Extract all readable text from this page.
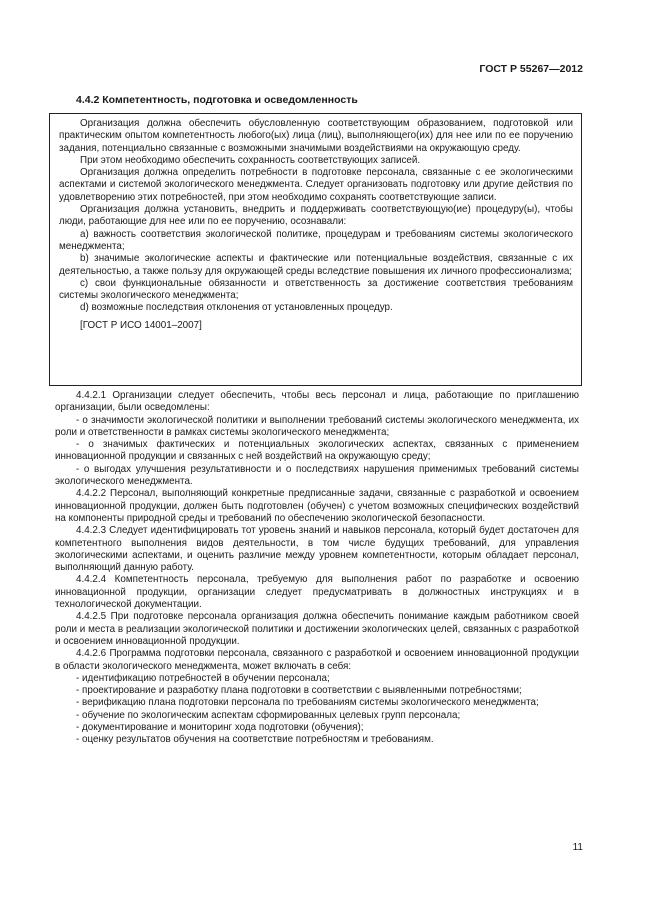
ГОСТ Р 55267—2012
4.4.2 Компетентность, подготовка и осведомленность

Организация должна обеспечить обусловленную соответствующим образованием, подготовкой или практическим опытом компетентность любого(ых) лица (лиц), выполняющего(их) для нее или по ее поручению задания, потенциально связанные с возможными значимыми воздействиями на окружающую среду.

При этом необходимо обеспечить сохранность соответствующих записей.

Организация должна определить потребности в подготовке персонала, связанные с ее экологическими аспектами и системой экологического менеджмента. Следует организовать подготовку или другие действия по удовлетворению этих потребностей, при этом необходимо сохранять соответствующие записи.

Организация должна установить, внедрить и поддерживать соответствующую(ие) процедуру(ы), чтобы люди, работающие для нее или по ее поручению, осознавали:

а) важность соответствия экологической политике, процедурам и требованиям системы экологического менеджмента;

b) значимые экологические аспекты и фактические или потенциальные воздействия, связанные с их деятельностью, а также пользу для окружающей среды вследствие повышения их личного профессионализма;

c) свои функциональные обязанности и ответственность за достижение соответствия требованиям системы экологического менеджмента;

d) возможные последствия отклонения от установленных процедур.

[ГОСТ Р ИСО 14001–2007]

4.4.2.1 Организации следует обеспечить, чтобы весь персонал и лица, работающие по приглашению организации, были осведомлены:

- о значимости экологической политики и выполнении требований системы экологического менеджмента, их роли и ответственности в рамках системы экологического менеджмента;

- о значимых фактических и потенциальных экологических аспектах, связанных с применением инновационной продукции и связанных с ней воздействий на окружающую среду;

- о выгодах улучшения результативности и о последствиях нарушения применимых требований системы экологического менеджмента.

4.4.2.2 Персонал, выполняющий конкретные предписанные задачи, связанные с разработкой и освоением инновационной продукции, должен быть подготовлен (обучен) с учетом возможных специфических воздействий на компоненты природной среды и требований по обеспечению экологической безопасности.

4.4.2.3 Следует идентифицировать тот уровень знаний и навыков персонала, который будет достаточен для компетентного выполнения видов деятельности, в том числе будущих требований, для управления экологическими аспектами, и оценить различие между уровнем компетентности, которым обладает персонал, выполняющий данную работу.

4.4.2.4 Компетентность персонала, требуемую для выполнения работ по разработке и освоению инновационной продукции, организации следует предусматривать в должностных инструкциях и в технологической документации.

4.4.2.5 При подготовке персонала организация должна обеспечить понимание каждым работником своей роли и места в реализации экологической политики и достижении экологических целей, связанных с разработкой и освоением инновационной продукции.

4.4.2.6 Программа подготовки персонала, связанного с разработкой и освоением инновационной продукции в области экологического менеджмента, может включать в себя:

- идентификацию потребностей в обучении персонала;

- проектирование и разработку плана подготовки в соответствии с выявленными потребностями;

- верификацию плана подготовки персонала по требованиям системы экологического менеджмента;

- обучение по экологическим аспектам сформированных целевых групп персонала;

- документирование и мониторинг хода подготовки (обучения);

- оценку результатов обучения на соответствие потребностям и требованиям.

11
